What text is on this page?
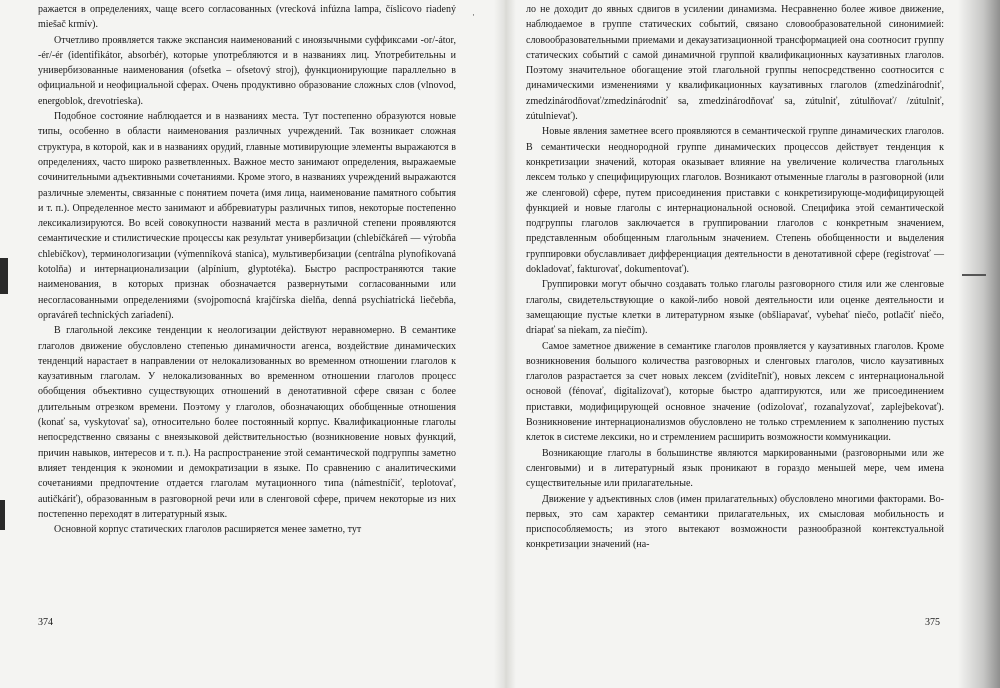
·

ражается в определениях, чаще всего согласованных (vrecková infúzna lampa, číslicovo riadený miešač krmív).

Отчетливо проявляется также экспансия наименований с иноязычными суффиксами -or/-átor, -ér/-ér (identifikátor, absorbér), которые употребляются и в названиях лиц. Употребительны и универбизованные наименования (ofsetka – ofsetový stroj), функционирующие параллельно в официальной и неофициальной сферах. Очень продуктивно образование сложных слов (vlnovod, energoblok, drevotrieska).

Подобное состояние наблюдается и в названиях места. Тут постепенно образуются новые типы, особенно в области наименования различных учреждений. Так возникает сложная структура, в которой, как и в названиях орудий, главные мотивирующие элементы выражаются в определениях, часто широко разветвленных. Важное место занимают определения, выражаемые сочинительными адъективными сочетаниями. Кроме этого, в названиях учреждений выражаются различные элементы, связанные с понятием почета (имя лица, наименование памятного события и т. п.). Определенное место занимают и аббревиатуры различных типов, некоторые постепенно лексикализируются. Во всей совокупности названий места в различной степени проявляются семантические и стилистические процессы как результат универбизации (chlebíčkáreň — výrobňa chlebíčkov), терминологизации (výmenníková stanica), мультивербизации (centrálna plynofikovaná kotolňa) и интернационализации (alpínium, glyptotéka). Быстро распространяются такие наименования, в которых признак обозначается развернутыми согласованными или несогласованными определениями (svojpomocná krajčírska dielňa, denná psychiatrická liečebňa, opraváreň technických zariadení).

В глагольной лексике тенденции к неологизации действуют неравномерно. В семантике глаголов движение обусловлено степенью динамичности агенса, воздействие динамических тенденций нарастает в направлении от нелокализованных во временном отношении глаголов к каузативным глаголам. У нелокализованных во временном отношении глаголов процесс обобщения объективно существующих отношений в денотативной сфере связан с более длительным отрезком времени. Поэтому у глаголов, обозначающих обобщенные отношения (konať sa, vyskytovať sa), относительно более постоянный корпус. Квалификационные глаголы непосредственно связаны с внеязыковой действительностью (возникновение новых функций, причин навыков, интересов и т. п.). На распространение этой семантической подгруппы заметно влияет тенденция к экономии и демократизации в языке. По сравнению с аналитическими сочетаниями предпочтение отдается глаголам мутационного типа (námestníčiť, teplotovať, autičkáriť), образованным в разговорной речи или в сленговой сфере, причем некоторые из них постепенно переходят в литературный язык.

Основной корпус статических глаголов расширяется менее заметно, тут

374

ло не доходит до явных сдвигов в усилении динамизма. Несравненно более живое движение, наблюдаемое в группе статических событий, связано словообразовательной синонимией: словообразовательными приемами и декаузатизационной трансформацией она соотносит группу статических событий с самой динамичной группой квалификационных каузативных глаголов. Поэтому значительное обогащение этой глагольной группы непосредственно соотносится с динамическими изменениями у квалификационных каузативных глаголов (zmedzinárodniť, zmedzinárodňovať/zmedzinárodniť sa, zmedzinárodňovať sa, zútulniť, zútulňovať/ /zútulniť, zútulnievať).

Новые явления заметнее всего проявляются в семантической группе динамических глаголов. В семантически неоднородной группе динамических процессов действует тенденция к конкретизации значений, которая оказывает влияние на увеличение количества глагольных лексем только у специфицирующих глаголов. Возникают отыменные глаголы в разговорной (или же сленговой) сфере, путем присоединения приставки с конкретизирующе-модифицирующей функцией и новые глаголы с интернациональной основой. Специфика этой семантической подгруппы глаголов заключается в группировании глаголов с конкретным значением, представленным обобщенным глагольным значением. Степень обобщенности и выделения группировки обуславливает дифференциация деятельности в денотативной сфере (registrovať — dokladovať, fakturovať, dokumentovať).

Группировки могут обычно создавать только глаголы разговорного стиля или же сленговые глаголы, свидетельствующие о какой-либо новой деятельности или оценке деятельности и замещающие пустые клетки в литературном языке (obšliapavať, vybehať niečo, potlačiť niečo, driapať sa niekam, za niečím).

Самое заметное движение в семантике глаголов проявляется у каузативных глаголов. Кроме возникновения большого количества разговорных и сленговых глаголов, число каузативных глаголов разрастается за счет новых лексем (zviditeľniť), новых лексем с интернациональной основой (fénovať, digitalizovať), которые быстро адаптируются, или же присоединением приставки, модифицирующей основное значение (odizolovať, rozanalyzovať, zaplejbekovať). Возникновение интернационализмов обусловлено не только стремлением к заполнению пустых клеток в системе лексики, но и стремлением расширить возможности коммуникации.

Возникающие глаголы в большинстве являются маркированными (разговорными или же сленговыми) и в литературный язык проникают в гораздо меньшей мере, чем имена существительные или прилагательные.

Движение у адъективных слов (имен прилагательных) обусловлено многими факторами. Во-первых, это сам характер семантики прилагательных, их смысловая мобильность и приспособляемость; из этого вытекают возможности разнообразной контекстуальной конкретизации значений (на-

375
